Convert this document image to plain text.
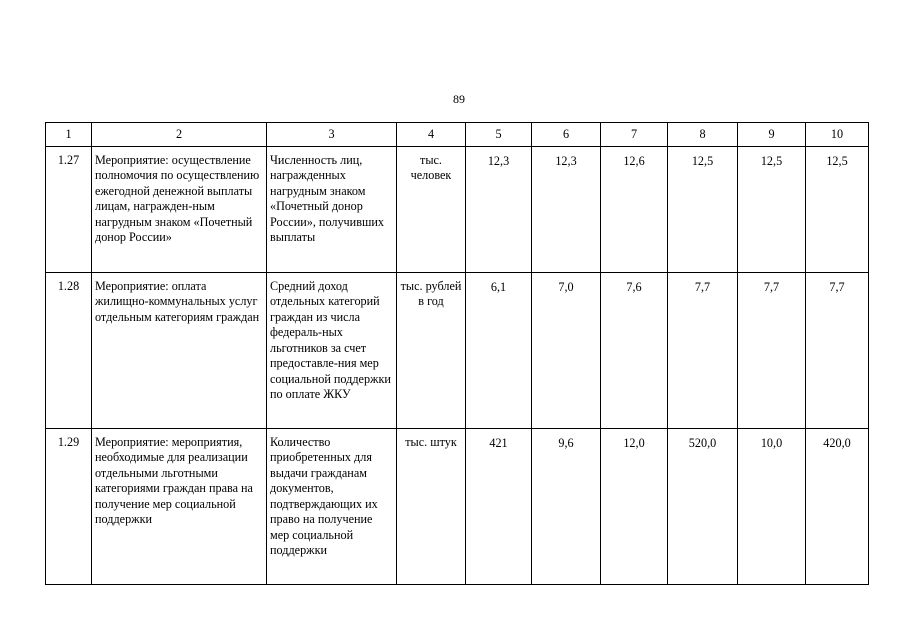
89
1	2	3	4	5	6	7	8	9	10
1.27	Мероприятие: осуществление полномочия по осуществлению ежегодной денежной выплаты лицам, награжден-ным нагрудным знаком «Почетный донор России»	Численность лиц, награжденных нагрудным знаком «Почетный донор России», получивших выплаты	тыс. человек	12,3	12,3	12,6	12,5	12,5	12,5
1.28	Мероприятие: оплата жилищно-коммунальных услуг отдельным категориям граждан	Средний доход отдельных категорий граждан из числа федераль-ных льготников за счет предоставле-ния мер социальной поддержки по оплате ЖКУ	тыс. рублей в год	6,1	7,0	7,6	7,7	7,7	7,7
1.29	Мероприятие: мероприятия, необходимые для реализации отдельными льготными категориями граждан права на получение мер социальной поддержки	Количество приобретенных для выдачи гражданам документов, подтверждающих их право на получение мер социальной поддержки	тыс. штук	421	9,6	12,0	520,0	10,0	420,0
